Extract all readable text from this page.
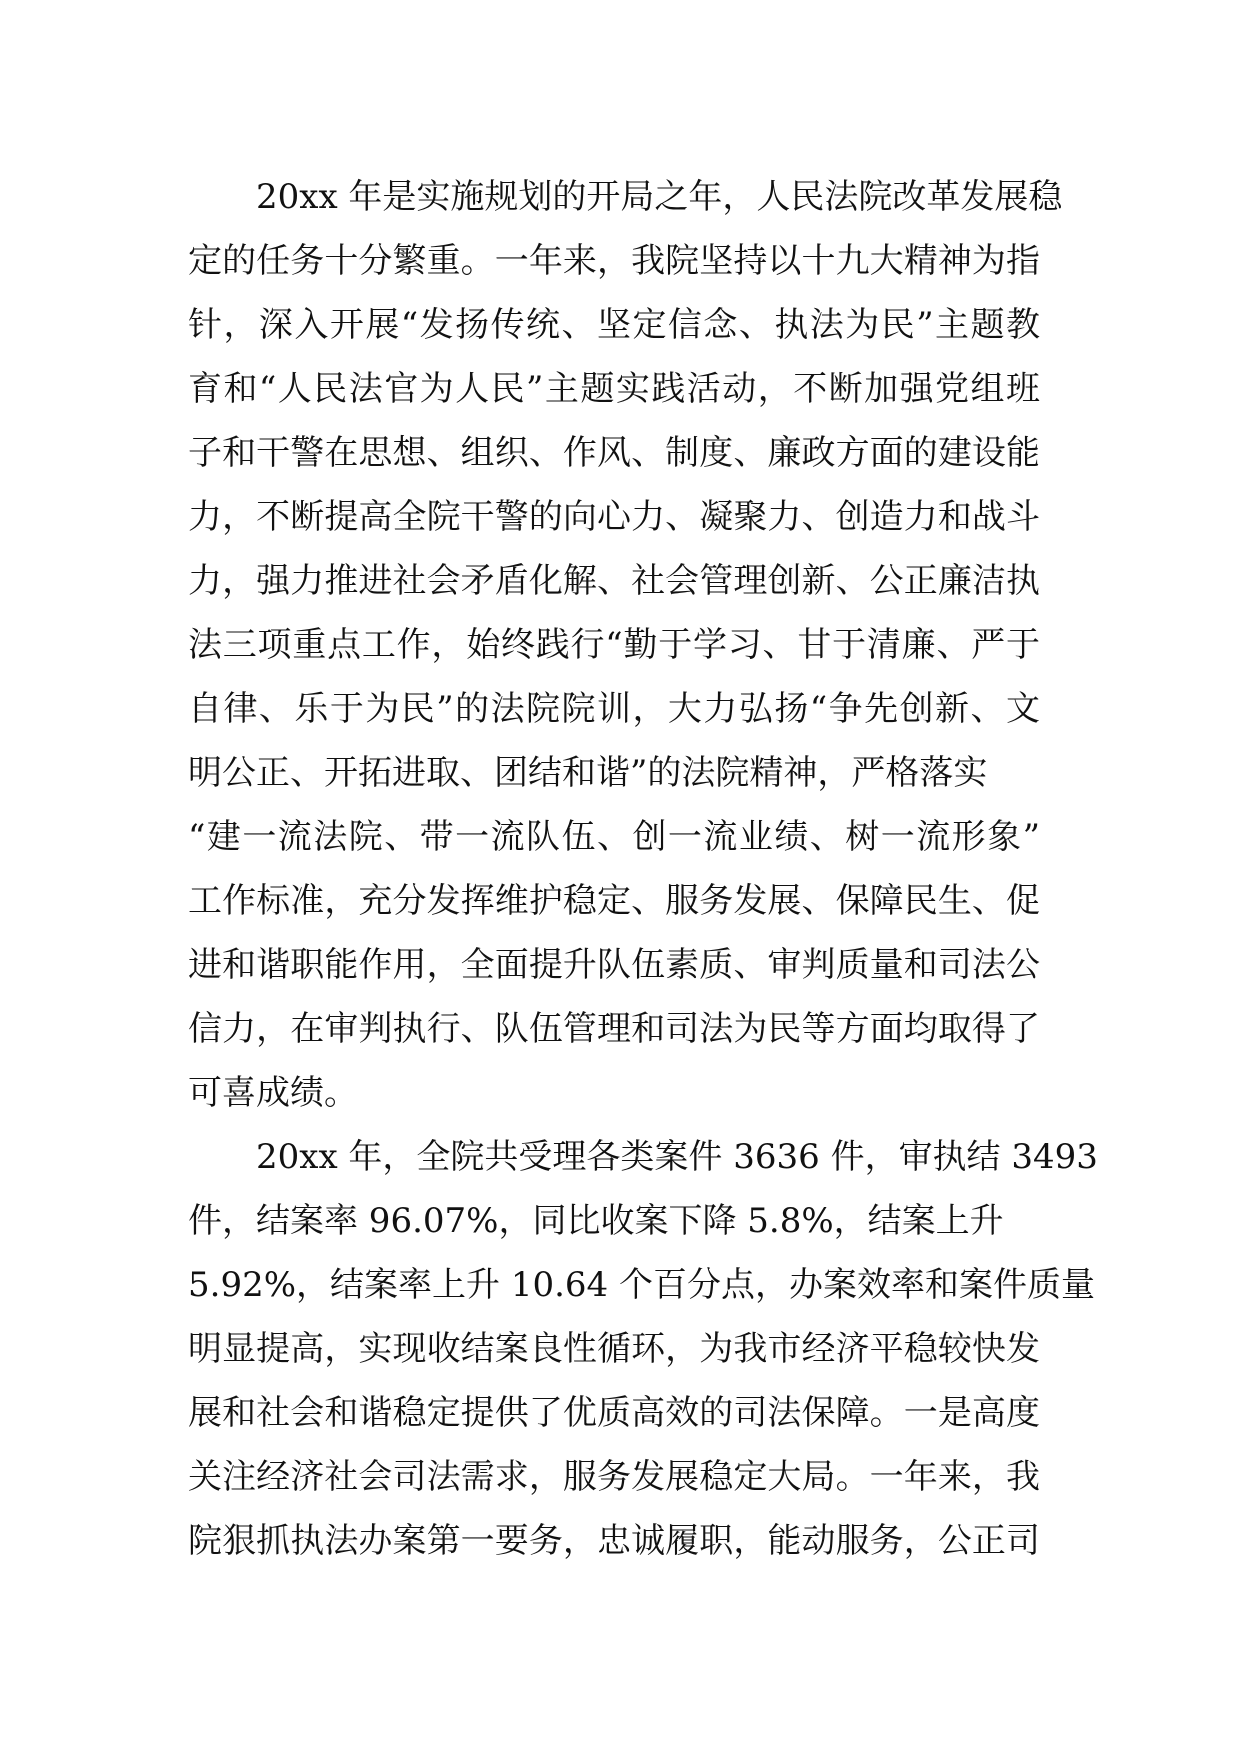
20xx 年是实施规划的开局之年，人民法院改革发展稳
定的任务十分繁重。一年来，我院坚持以十九大精神为指
针，深入开展“发扬传统、坚定信念、执法为民”主题教
育和“人民法官为人民”主题实践活动，不断加强党组班
子和干警在思想、组织、作风、制度、廉政方面的建设能
力，不断提高全院干警的向心力、凝聚力、创造力和战斗
力，强力推进社会矛盾化解、社会管理创新、公正廉洁执
法三项重点工作，始终践行“勤于学习、甘于清廉、严于
自律、乐于为民”的法院院训，大力弘扬“争先创新、文
明公正、开拓进取、团结和谐”的法院精神，严格落实
“建一流法院、带一流队伍、创一流业绩、树一流形象”
工作标准，充分发挥维护稳定、服务发展、保障民生、促
进和谐职能作用，全面提升队伍素质、审判质量和司法公
信力，在审判执行、队伍管理和司法为民等方面均取得了
可喜成绩。
20xx 年，全院共受理各类案件 3636 件，审执结 3493
件，结案率 96.07%，同比收案下降 5.8%，结案上升
5.92%，结案率上升 10.64 个百分点，办案效率和案件质量
明显提高，实现收结案良性循环，为我市经济平稳较快发
展和社会和谐稳定提供了优质高效的司法保障。一是高度
关注经济社会司法需求，服务发展稳定大局。一年来，我
院狠抓执法办案第一要务，忠诚履职，能动服务，公正司
